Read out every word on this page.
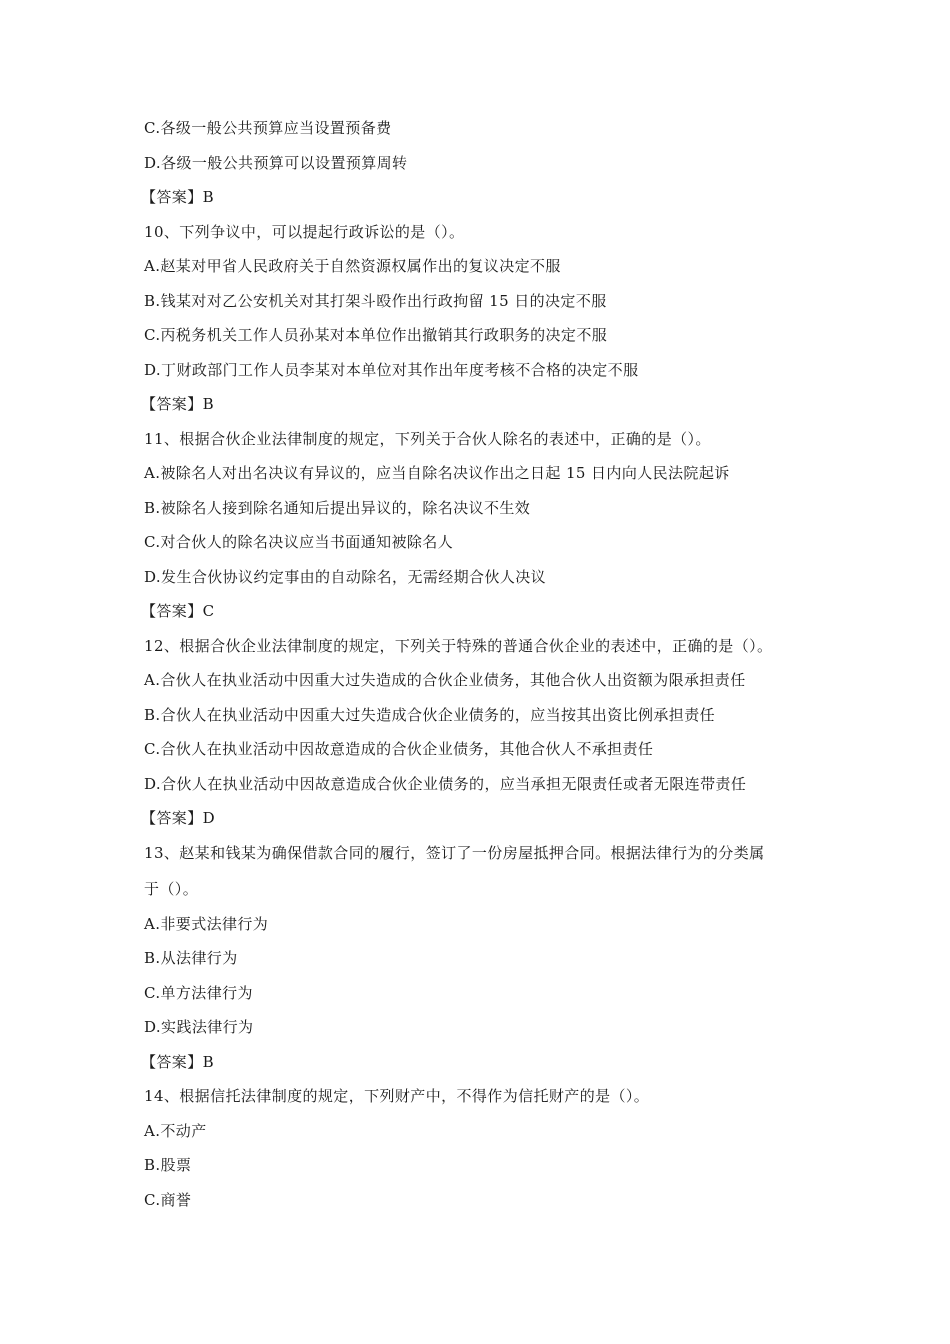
C.各级一般公共预算应当设置预备费
D.各级一般公共预算可以设置预算周转
【答案】B
10、下列争议中，可以提起行政诉讼的是（）。
A.赵某对甲省人民政府关于自然资源权属作出的复议决定不服
B.钱某对对乙公安机关对其打架斗殴作出行政拘留 15 日的决定不服
C.丙税务机关工作人员孙某对本单位作出撤销其行政职务的决定不服
D.丁财政部门工作人员李某对本单位对其作出年度考核不合格的决定不服
【答案】B
11、根据合伙企业法律制度的规定，下列关于合伙人除名的表述中，正确的是（）。
A.被除名人对出名决议有异议的，应当自除名决议作出之日起 15 日内向人民法院起诉
B.被除名人接到除名通知后提出异议的，除名决议不生效
C.对合伙人的除名决议应当书面通知被除名人
D.发生合伙协议约定事由的自动除名，无需经期合伙人决议
【答案】C
12、根据合伙企业法律制度的规定，下列关于特殊的普通合伙企业的表述中，正确的是（）。
A.合伙人在执业活动中因重大过失造成的合伙企业债务，其他合伙人出资额为限承担责任
B.合伙人在执业活动中因重大过失造成合伙企业债务的，应当按其出资比例承担责任
C.合伙人在执业活动中因故意造成的合伙企业债务，其他合伙人不承担责任
D.合伙人在执业活动中因故意造成合伙企业债务的，应当承担无限责任或者无限连带责任
【答案】D
13、赵某和钱某为确保借款合同的履行，签订了一份房屋抵押合同。根据法律行为的分类属
于（）。
A.非要式法律行为
B.从法律行为
C.单方法律行为
D.实践法律行为
【答案】B
14、根据信托法律制度的规定，下列财产中，不得作为信托财产的是（）。
A.不动产
B.股票
C.商誉
